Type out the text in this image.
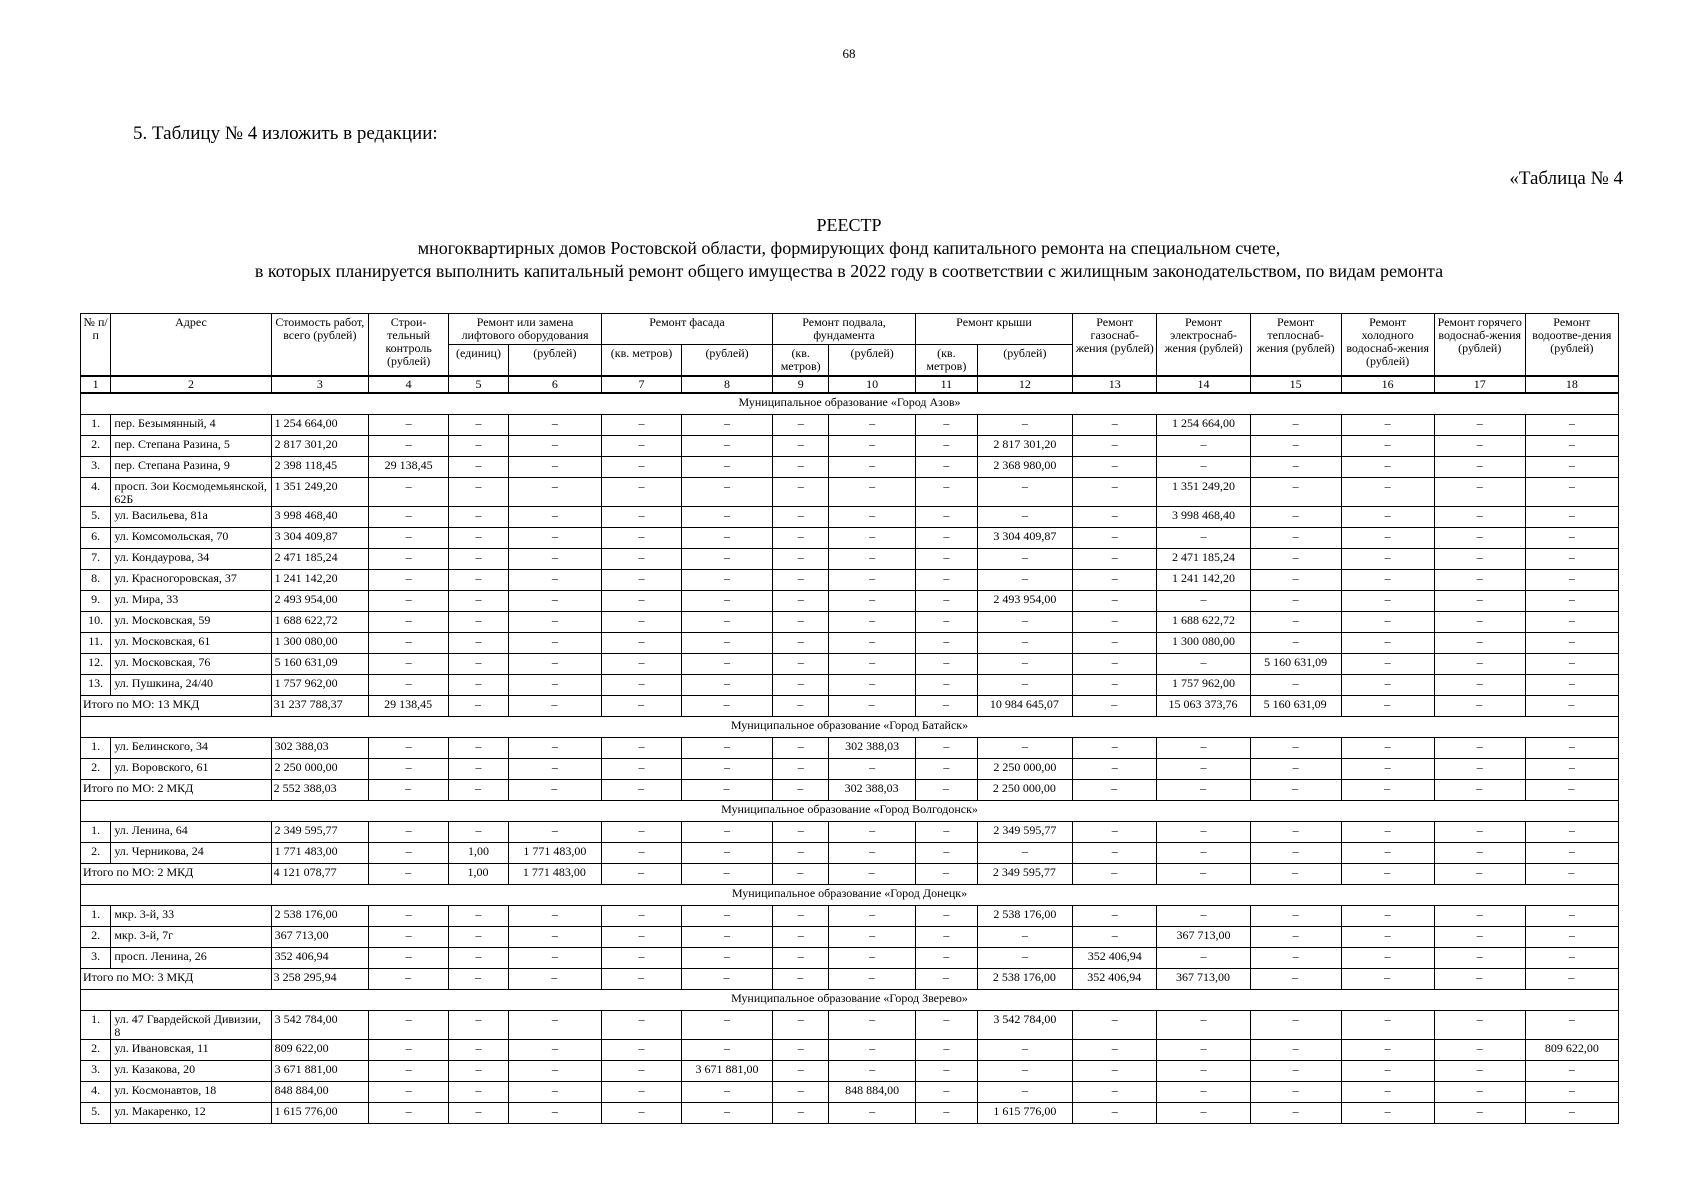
68
5. Таблицу № 4 изложить в редакции:
«Таблица № 4
РЕЕСТР
многоквартирных домов Ростовской области, формирующих фонд капитального ремонта на специальном счете,
в которых планируется выполнить капитальный ремонт общего имущества в 2022 году в соответствии с жилищным законодательством, по видам ремонта
№ п/п	Адрес	Стоимость работ, всего (рублей)	Строи-тельный контроль (рублей)	Ремонт или замена лифтового оборудования		Ремонт фасада		Ремонт подвала, фундамента		Ремонт крыши		Ремонт газоснаб-жения (рублей)	Ремонт электроснаб-жения (рублей)	Ремонт теплоснаб-жения (рублей)	Ремонт холодного водоснаб-жения (рублей)	Ремонт горячего водоснаб-жения (рублей)	Ремонт водоотве-дения (рублей)
				(единиц)	(рублей)	(кв. метров)	(рублей)	(кв. метров)	(рублей)	(кв. метров)	(рублей)						
1	2	3	4	5	6	7	8	9	10	11	12	13	14	15	16	17	18
Муниципальное образование «Город Азов»																	
1.	пер. Безымянный, 4	1 254 664,00	–	–	–	–	–	–	–	–	–	–	1 254 664,00	–	–	–	–
2.	пер. Степана Разина, 5	2 817 301,20	–	–	–	–	–	–	–	–	2 817 301,20	–	–	–	–	–	–
3.	пер. Степана Разина, 9	2 398 118,45	29 138,45	–	–	–	–	–	–	–	2 368 980,00	–	–	–	–	–	–
4.	просп. Зои Космодемьянской, 62Б	1 351 249,20	–	–	–	–	–	–	–	–	–	–	1 351 249,20	–	–	–	–
5.	ул. Васильева, 81а	3 998 468,40	–	–	–	–	–	–	–	–	–	–	3 998 468,40	–	–	–	–
6.	ул. Комсомольская, 70	3 304 409,87	–	–	–	–	–	–	–	–	3 304 409,87	–	–	–	–	–	–
7.	ул. Кондаурова, 34	2 471 185,24	–	–	–	–	–	–	–	–	–	–	2 471 185,24	–	–	–	–
8.	ул. Красногоровская, 37	1 241 142,20	–	–	–	–	–	–	–	–	–	–	1 241 142,20	–	–	–	–
9.	ул. Мира, 33	2 493 954,00	–	–	–	–	–	–	–	–	2 493 954,00	–	–	–	–	–	–
10.	ул. Московская, 59	1 688 622,72	–	–	–	–	–	–	–	–	–	–	1 688 622,72	–	–	–	–
11.	ул. Московская, 61	1 300 080,00	–	–	–	–	–	–	–	–	–	–	1 300 080,00	–	–	–	–
12.	ул. Московская, 76	5 160 631,09	–	–	–	–	–	–	–	–	–	–	–	5 160 631,09	–	–	–
13.	ул. Пушкина, 24/40	1 757 962,00	–	–	–	–	–	–	–	–	–	–	1 757 962,00	–	–	–	–
Итого по МО: 13 МКД		31 237 788,37	29 138,45	–	–	–	–	–	–	–	10 984 645,07	–	15 063 373,76	5 160 631,09	–	–	–
Муниципальное образование «Город Батайск»																	
1.	ул. Белинского, 34	302 388,03	–	–	–	–	–	–	302 388,03	–	–	–	–	–	–	–	–
2.	ул. Воровского, 61	2 250 000,00	–	–	–	–	–	–	–	–	2 250 000,00	–	–	–	–	–	–
Итого по МО: 2 МКД		2 552 388,03	–	–	–	–	–	–	302 388,03	–	2 250 000,00	–	–	–	–	–	–
Муниципальное образование «Город Волгодонск»																	
1.	ул. Ленина, 64	2 349 595,77	–	–	–	–	–	–	–	–	2 349 595,77	–	–	–	–	–	–
2.	ул. Черникова, 24	1 771 483,00	–	1,00	1 771 483,00	–	–	–	–	–	–	–	–	–	–	–	–
Итого по МО: 2 МКД		4 121 078,77	–	1,00	1 771 483,00	–	–	–	–	–	2 349 595,77	–	–	–	–	–	–
Муниципальное образование «Город Донецк»																	
1.	мкр. 3-й, 33	2 538 176,00	–	–	–	–	–	–	–	–	2 538 176,00	–	–	–	–	–	–
2.	мкр. 3-й, 7г	367 713,00	–	–	–	–	–	–	–	–	–	–	367 713,00	–	–	–	–
3.	просп. Ленина, 26	352 406,94	–	–	–	–	–	–	–	–	–	352 406,94	–	–	–	–	–
Итого по МО: 3 МКД		3 258 295,94	–	–	–	–	–	–	–	–	2 538 176,00	352 406,94	367 713,00	–	–	–	–
Муниципальное образование «Город Зверево»																	
1.	ул. 47 Гвардейской Дивизии, 8	3 542 784,00	–	–	–	–	–	–	–	–	3 542 784,00	–	–	–	–	–	–
2.	ул. Ивановская, 11	809 622,00	–	–	–	–	–	–	–	–	–	–	–	–	–	–	809 622,00
3.	ул. Казакова, 20	3 671 881,00	–	–	–	–	3 671 881,00	–	–	–	–	–	–	–	–	–	–
4.	ул. Космонавтов, 18	848 884,00	–	–	–	–	–	–	848 884,00	–	–	–	–	–	–	–	–
5.	ул. Макаренко, 12	1 615 776,00	–	–	–	–	–	–	–	–	1 615 776,00	–	–	–	–	–	–
